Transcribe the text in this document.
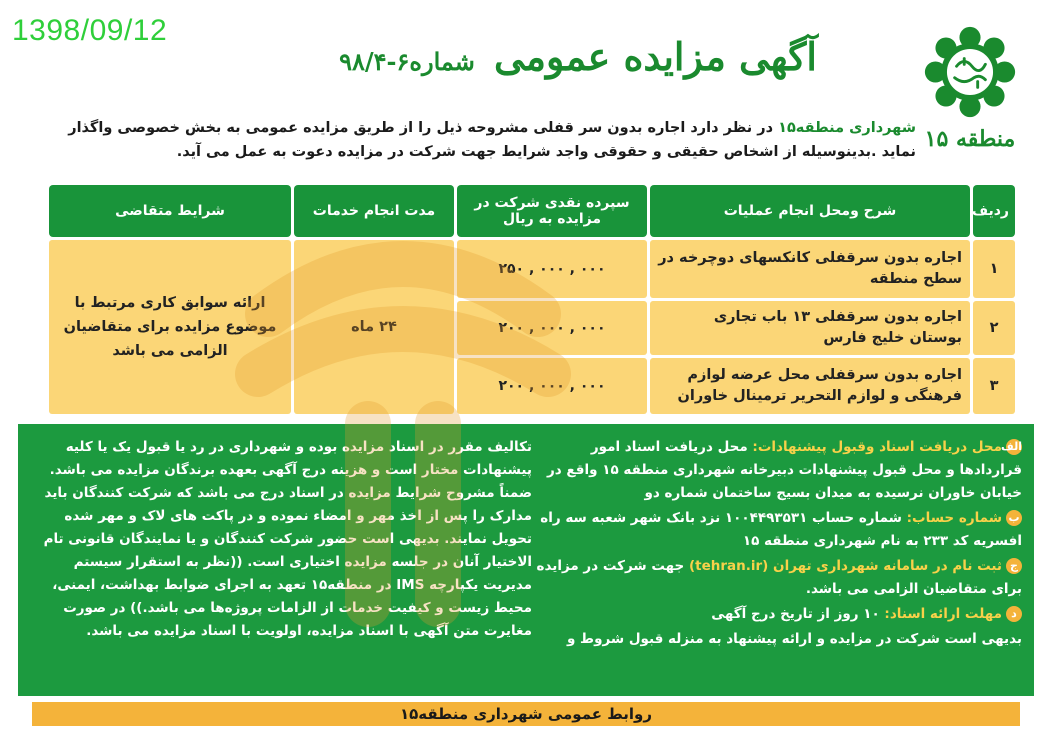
1398/09/12
منطقه ۱۵
آگهی مزایده عمومی شماره۶-۹۸/۴
شهرداری منطقه۱۵ در نظر دارد اجاره بدون سر قفلی مشروحه ذیل را از طریق مزایده عمومی به بخش خصوصی واگذار نماید .بدینوسیله از اشخاص حقیقی و حقوقی واجد شرایط جهت شرکت در مزایده دعوت به عمل می آید.
ردیف	شرح ومحل انجام عملیات	سپرده نقدی شرکت در مزایده به ریال	مدت انجام خدمات	شرایط متقاضی
۱	اجاره بدون سرقفلی کانکسهای دوچرخه در سطح منطقه	۲۵۰ , ۰۰۰ , ۰۰۰	۲۴ ماه	ارائه سوابق کاری مرتبط با موضوع مزایده برای متقاضیان الزامی می باشد
۲	اجاره بدون سرقفلی ۱۳ باب تجاری بوستان خلیج فارس	۲۰۰ , ۰۰۰ , ۰۰۰		
۳	اجاره بدون سرقفلی محل عرضه لوازم فرهنگی و لوازم التحریر ترمینال خاوران	۲۰۰ , ۰۰۰ , ۰۰۰		
الفمحل دریافت اسناد وقبول پیشنهادات: محل دریافت اسناد امور قراردادها و محل قبول پیشنهادات دبیرخانه شهرداری منطقه ۱۵ واقع در خیابان خاوران نرسیده به میدان بسیج ساختمان شماره دو
بشماره حساب: شماره حساب ۱۰۰۴۴۹۳۵۳۱ نزد بانک شهر شعبه سه راه افسریه کد ۲۳۳ به نام شهرداری منطقه ۱۵
جثبت نام در سامانه شهرداری تهران (tehran.ir) جهت شرکت در مزایده برای متقاضیان الزامی می باشد.
دمهلت ارائه اسناد: ۱۰ روز از تاریخ درج آگهی
بدیهی است شرکت در مزایده و ارائه پیشنهاد به منزله قبول شروط و
تکالیف مقرر در اسناد مزایده بوده و شهرداری در رد یا قبول یک یا کلیه پیشنهادات مختار است و هزینه درج آگهی بعهده برندگان مزایده می باشد. ضمناً مشروح شرایط مزایده در اسناد درج می باشد که شرکت کنندگان باید مدارک را پس از اخذ مهر و امضاء نموده و در پاکت های لاک و مهر شده تحویل نمایند. بدیهی است حضور شرکت کنندگان و یا نمایندگان قانونی تام الاختیار آنان در جلسه مزایده اختیاری است. ((نظر به استقرار سیستم مدیریت یکپارچه IMS در منطقه۱۵ تعهد به اجرای ضوابط بهداشت، ایمنی، محیط زیست و کیفیت خدمات از الزامات پروژه‌ها می باشد.)) در صورت مغایرت متن آگهی با اسناد مزایده، اولویت با اسناد مزایده می باشد.
روابط عمومی شهرداری منطقه۱۵
